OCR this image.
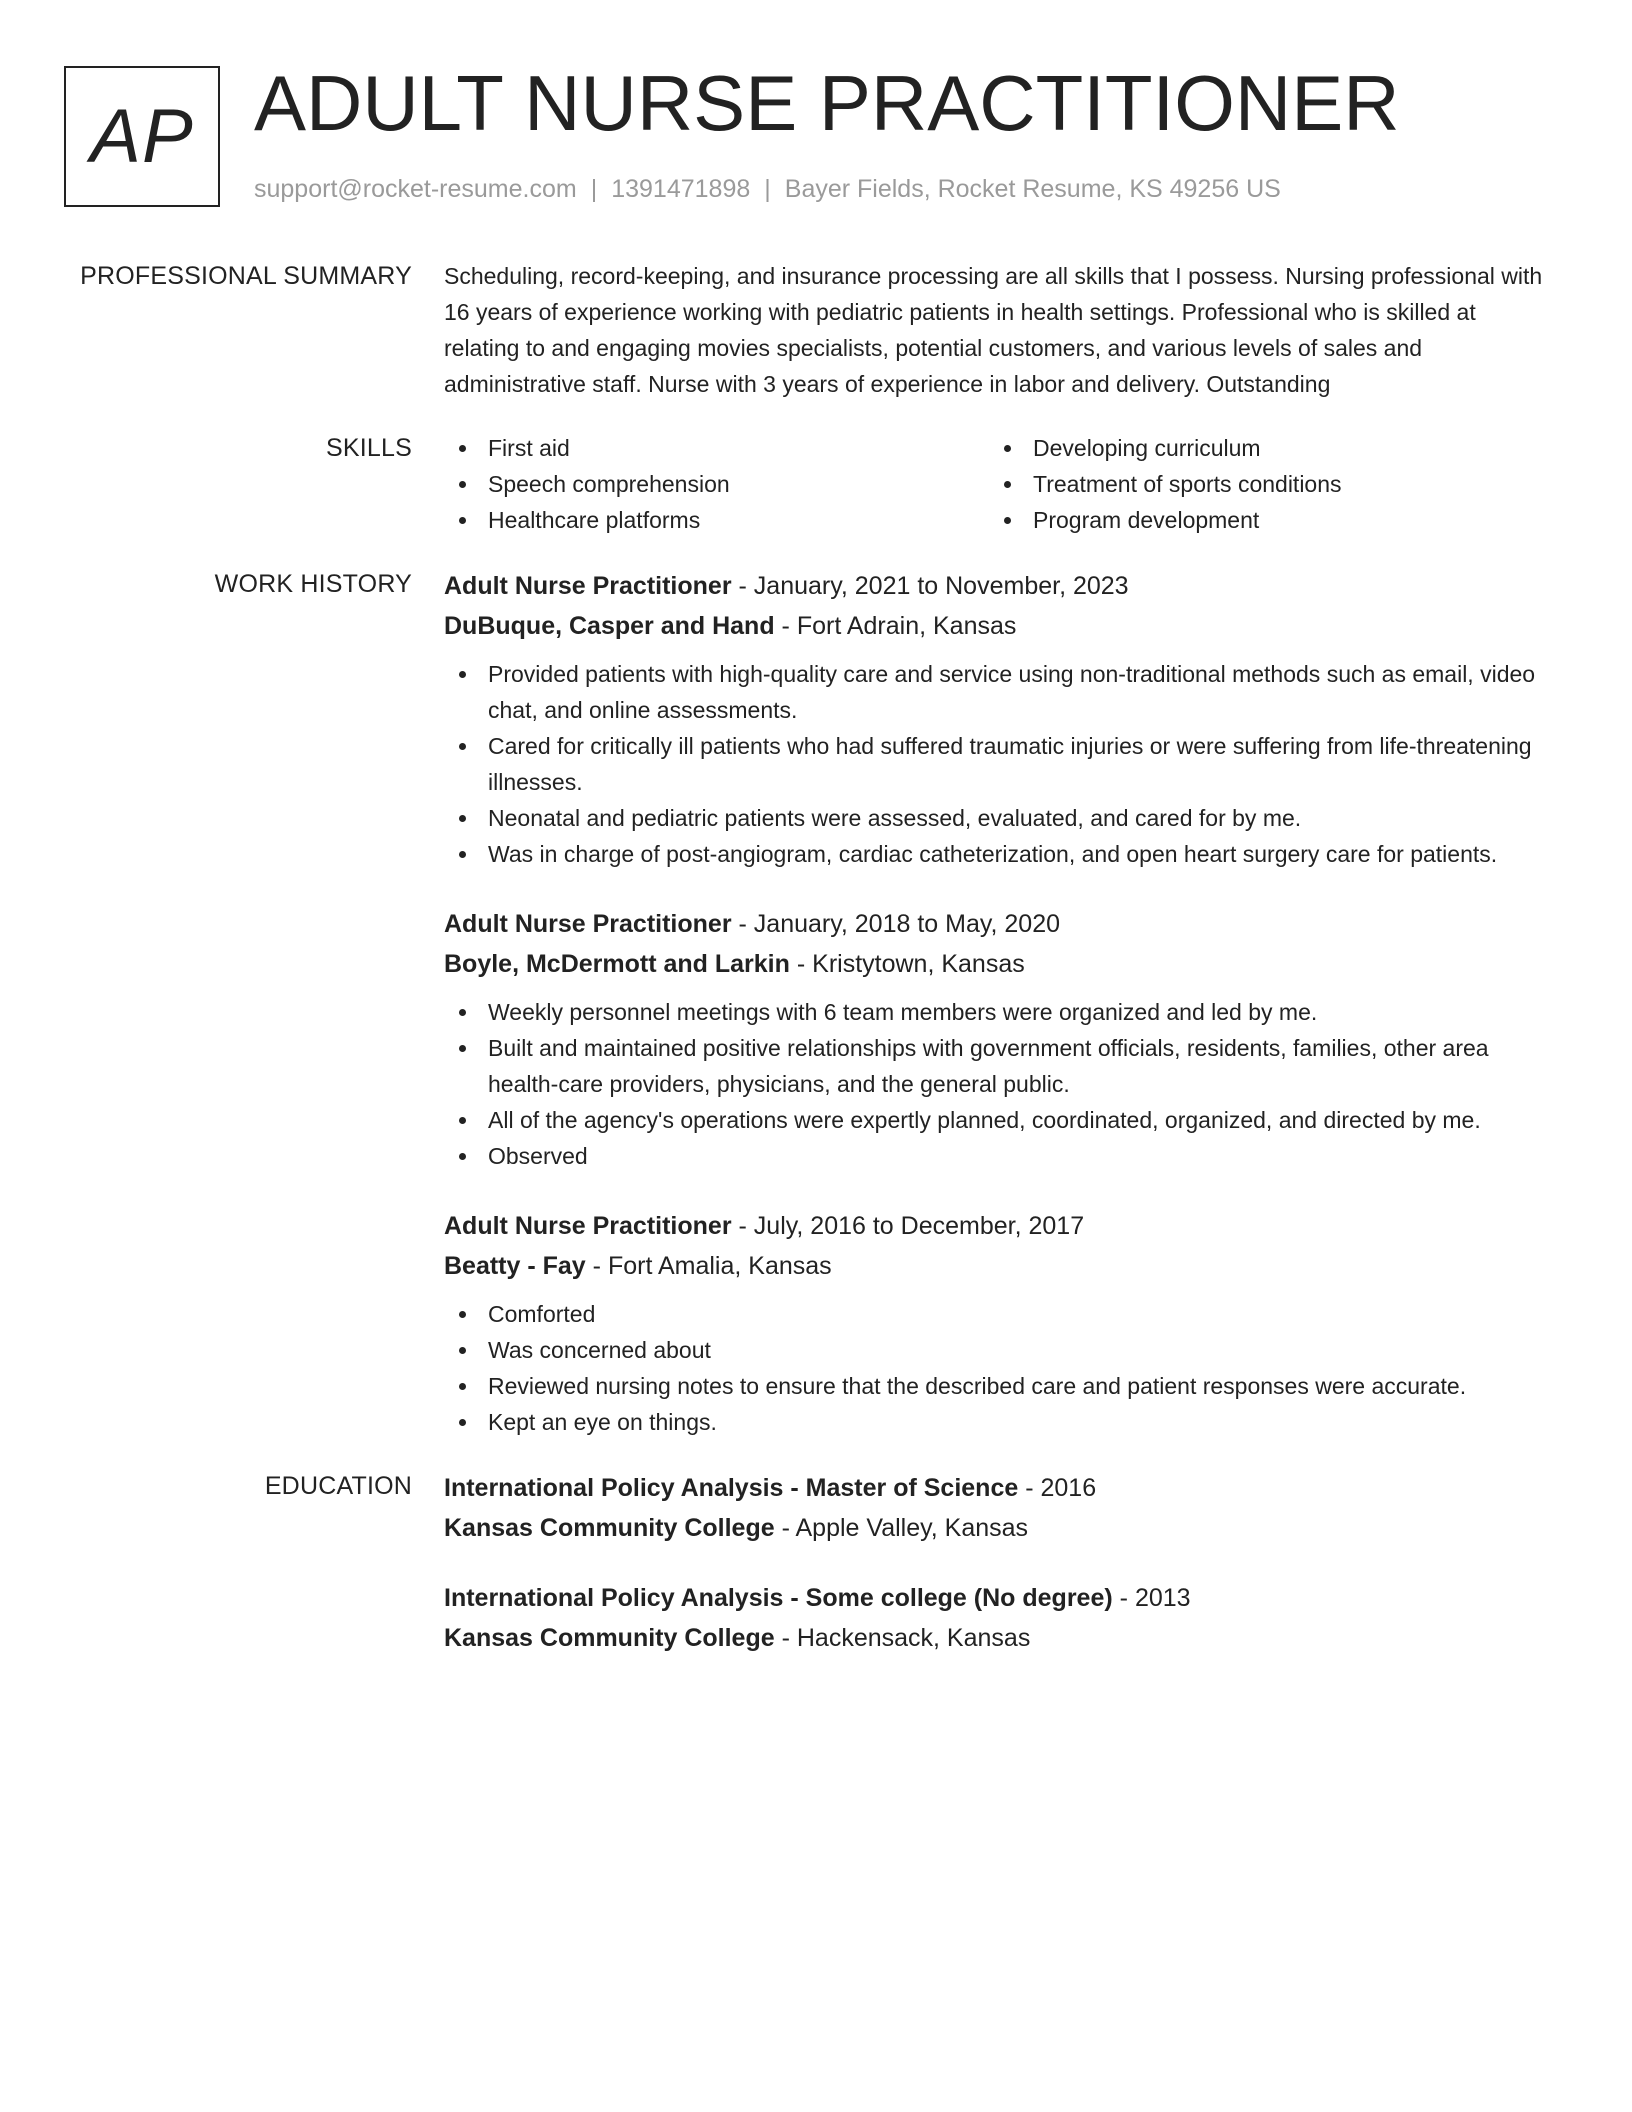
AP ADULT NURSE PRACTITIONER
support@rocket-resume.com | 1391471898 | Bayer Fields, Rocket Resume, KS 49256 US
PROFESSIONAL SUMMARY Scheduling, record-keeping, and insurance processing are all skills that I possess. Nursing professional with 16 years of experience working with pediatric patients in health settings. Professional who is skilled at relating to and engaging movies specialists, potential customers, and various levels of sales and administrative staff. Nurse with 3 years of experience in labor and delivery. Outstanding

SKILLS	First aid	Developing curriculum
Speech comprehension	Treatment of sports conditions
Healthcare platforms	Program development
WORK HISTORY Adult Nurse Practitioner - January, 2021 to November, 2023
DuBuque, Casper and Hand - Fort Adrain, Kansas
Provided patients with high-quality care and service using non-traditional methods such as email, video chat, and online assessments.
Cared for critically ill patients who had suffered traumatic injuries or were suffering from life-threatening illnesses.
Neonatal and pediatric patients were assessed, evaluated, and cared for by me.
Was in charge of post-angiogram, cardiac catheterization, and open heart surgery care for patients.
Adult Nurse Practitioner - January, 2018 to May, 2020
Boyle, McDermott and Larkin - Kristytown, Kansas
Weekly personnel meetings with 6 team members were organized and led by me.
Built and maintained positive relationships with government officials, residents, families, other area health-care providers, physicians, and the general public.
All of the agency's operations were expertly planned, coordinated, organized, and directed by me.
Observed
Adult Nurse Practitioner - July, 2016 to December, 2017
Beatty - Fay - Fort Amalia, Kansas
Comforted
Was concerned about
Reviewed nursing notes to ensure that the described care and patient responses were accurate.
Kept an eye on things.
EDUCATION International Policy Analysis - Master of Science - 2016
Kansas Community College - Apple Valley, Kansas
International Policy Analysis - Some college (No degree) - 2013
Kansas Community College - Hackensack, Kansas
